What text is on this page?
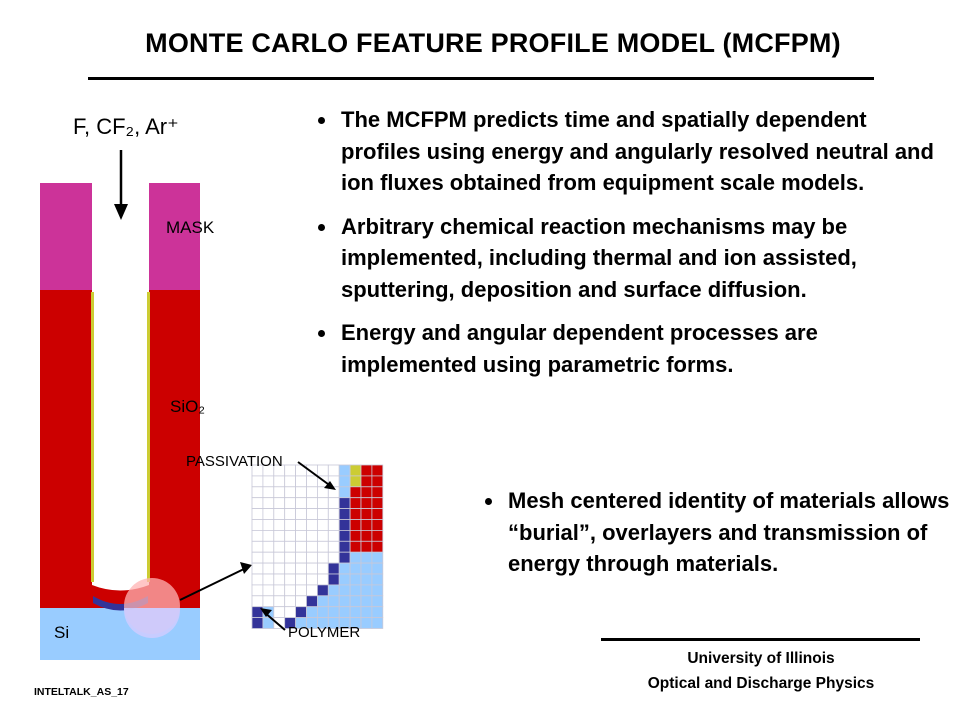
MONTE CARLO FEATURE PROFILE MODEL (MCFPM)
F, CF₂, Ar⁺
MASK
SiO₂
PASSIVATION
Si	POLYMER
The MCFPM predicts time and spatially dependent profiles using energy and angularly resolved neutral and ion fluxes obtained from equipment scale models.
Arbitrary chemical reaction mechanisms may be implemented, including thermal and ion assisted, sputtering, deposition and surface diffusion.
Energy and angular dependent processes are implemented using parametric forms.
Mesh centered identity of materials allows “burial”, overlayers and transmission of energy through materials.
University of Illinois
Optical and Discharge Physics
INTELTALK_AS_17
